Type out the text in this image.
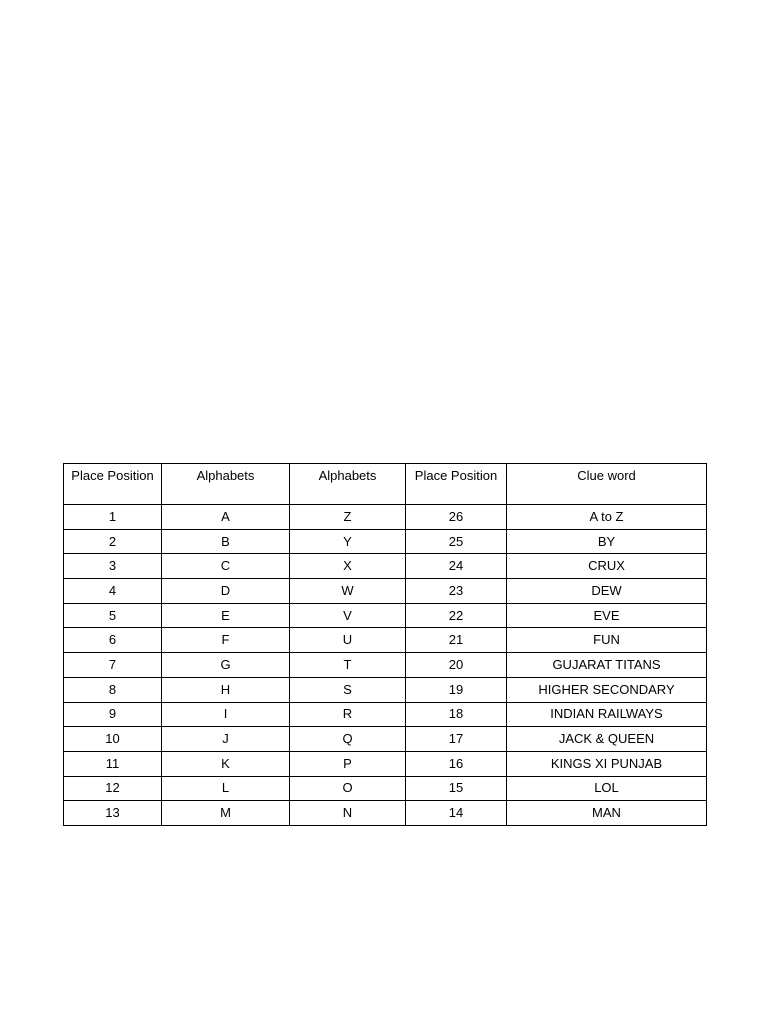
Place Position	Alphabets	Alphabets	Place Position	Clue word
1	A	Z	26	A to Z
2	B	Y	25	BY
3	C	X	24	CRUX
4	D	W	23	DEW
5	E	V	22	EVE
6	F	U	21	FUN
7	G	T	20	GUJARAT TITANS
8	H	S	19	HIGHER SECONDARY
9	I	R	18	INDIAN RAILWAYS
10	J	Q	17	JACK & QUEEN
11	K	P	16	KINGS XI PUNJAB
12	L	O	15	LOL
13	M	N	14	MAN
